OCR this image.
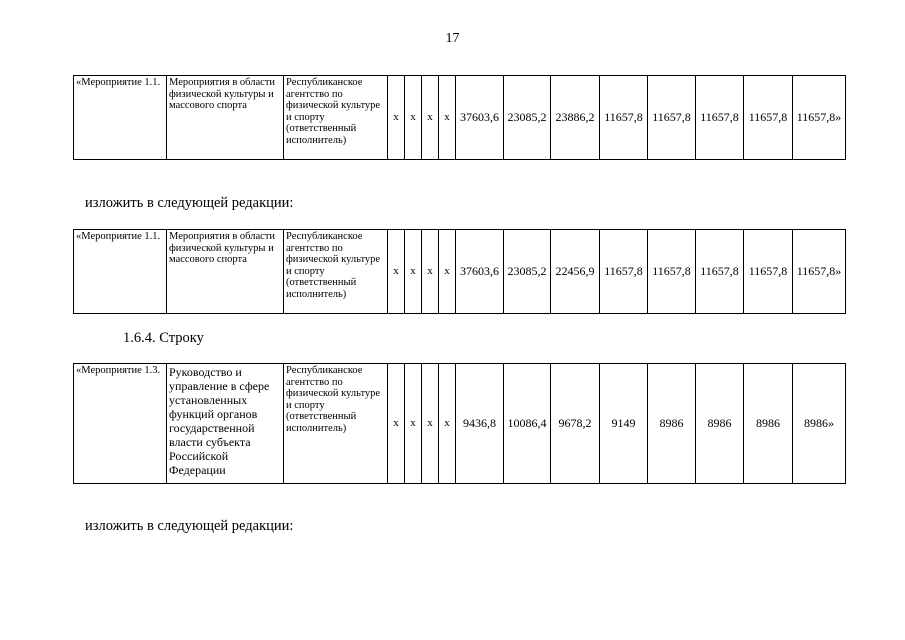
17
«Мероприятие 1.1.	Мероприятия в области физической культуры и массового спорта	Республиканское агентство по физической культуре и спорту (ответственный исполнитель)	x	x	x	x	37603,6	23085,2	23886,2	11657,8	11657,8	11657,8	11657,8	11657,8»
изложить в следующей редакции:
«Мероприятие 1.1.	Мероприятия в области физической культуры и массового спорта	Республиканское агентство по физической культуре и спорту (ответственный исполнитель)	x	x	x	x	37603,6	23085,2	22456,9	11657,8	11657,8	11657,8	11657,8	11657,8»
1.6.4. Строку
«Мероприятие 1.3.	Руководство и управление в сфере установленных функций органов государственной власти субъекта Российской Федерации	Республиканское агентство по физической культуре и спорту (ответственный исполнитель)	x	x	x	x	9436,8	10086,4	9678,2	9149	8986	8986	8986	8986»
изложить в следующей редакции:
